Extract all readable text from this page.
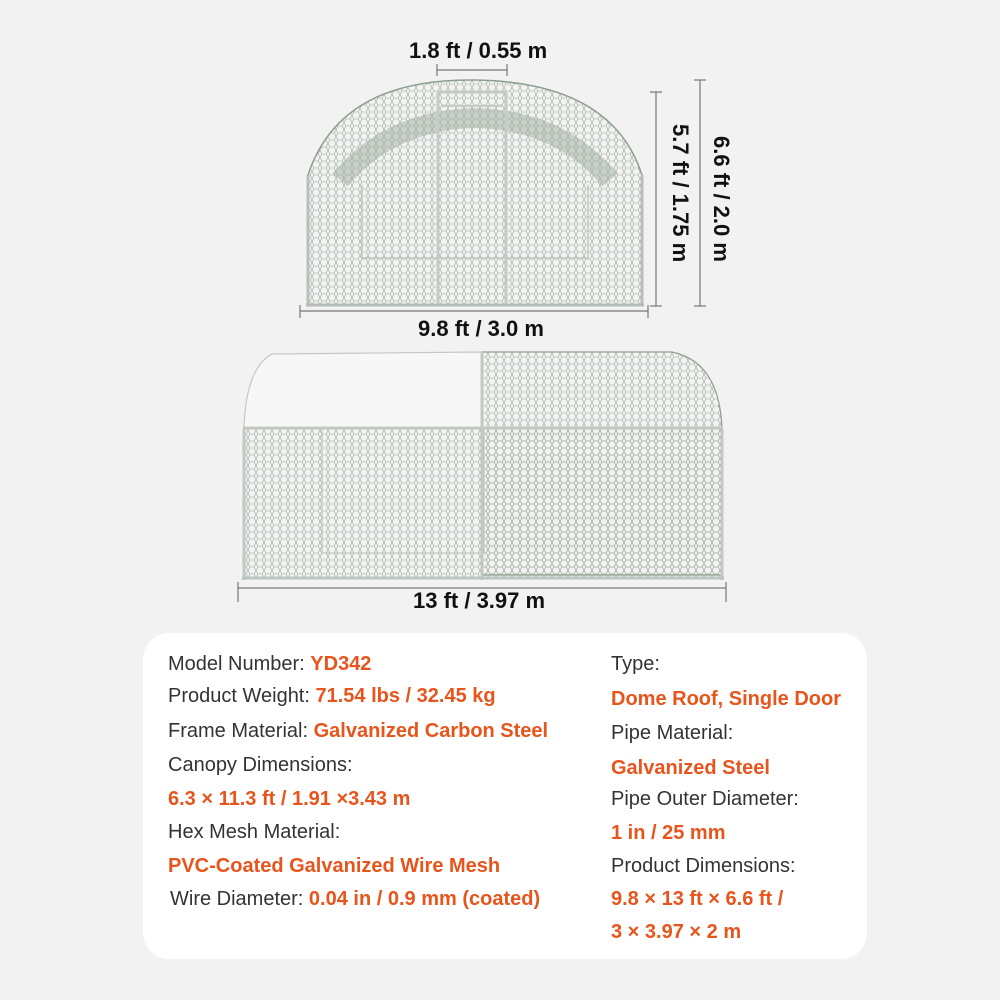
1.8 ft / 0.55 m
9.8 ft / 3.0 m
13 ft / 3.97 m
5.7 ft / 1.75 m 6.6 ft / 2.0 m
Model Number: YD342
Product Weight: 71.54 lbs / 32.45 kg
Frame Material: Galvanized Carbon Steel
Canopy Dimensions:
6.3 × 11.3 ft / 1.91 ×3.43 m
Hex Mesh Material:
PVC-Coated Galvanized Wire Mesh
Wire Diameter: 0.04 in / 0.9 mm (coated)
Type:
Dome Roof, Single Door
Pipe Material:
Galvanized Steel
Pipe Outer Diameter:
1 in / 25 mm
Product Dimensions:
9.8 × 13 ft × 6.6 ft /
3 × 3.97 × 2 m
